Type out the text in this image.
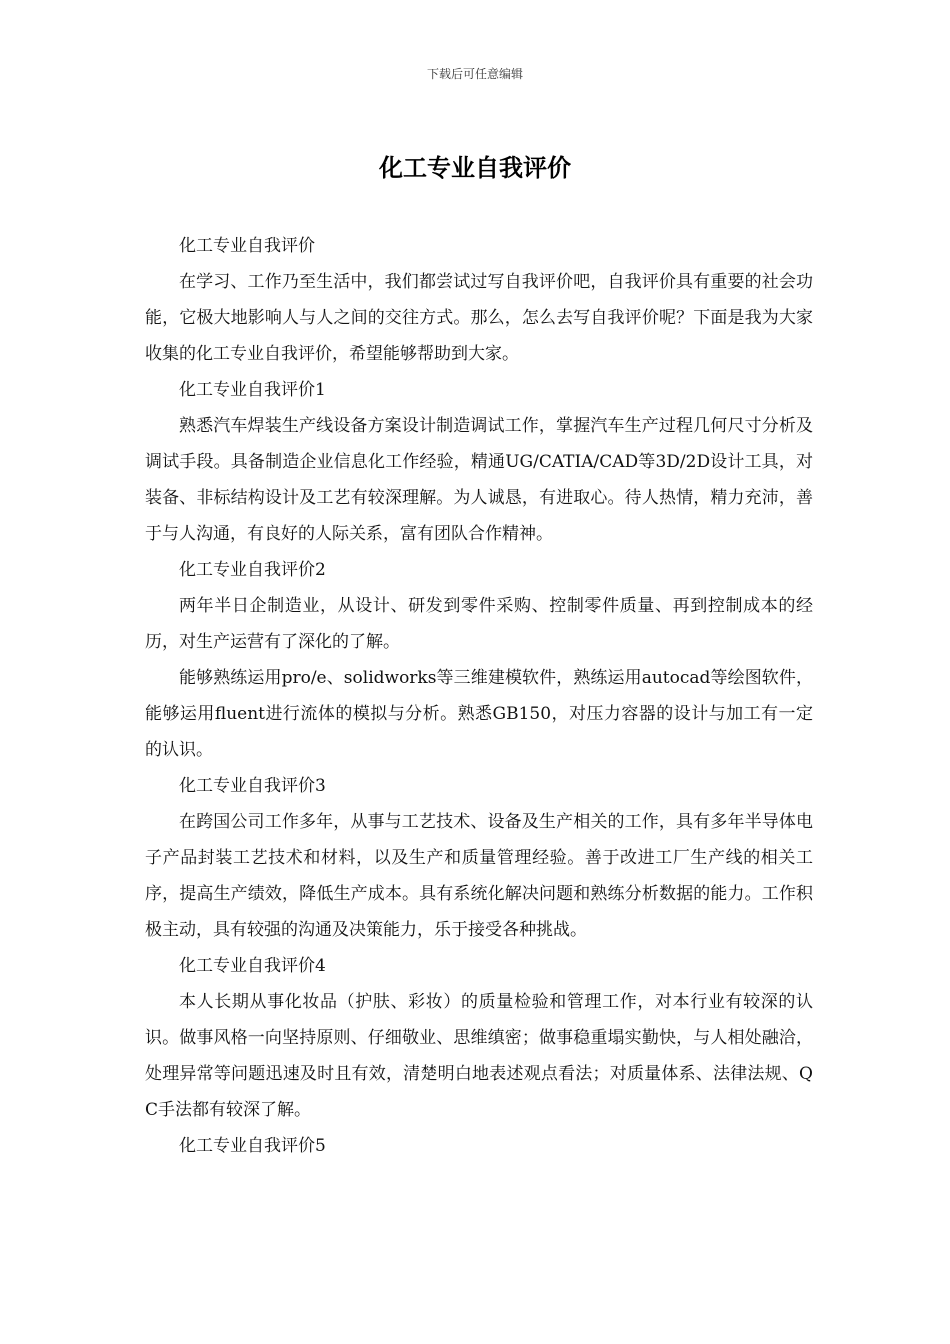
下载后可任意编辑
化工专业自我评价

化工专业自我评价

在学习、工作乃至生活中，我们都尝试过写自我评价吧，自我评价具有重要的社会功能，它极大地影响人与人之间的交往方式。那么，怎么去写自我评价呢？下面是我为大家收集的化工专业自我评价，希望能够帮助到大家。

化工专业自我评价1

熟悉汽车焊装生产线设备方案设计制造调试工作，掌握汽车生产过程几何尺寸分析及调试手段。具备制造企业信息化工作经验，精通UG/CATIA/CAD等3D/2D设计工具，对装备、非标结构设计及工艺有较深理解。为人诚恳，有进取心。待人热情，精力充沛，善于与人沟通，有良好的人际关系，富有团队合作精神。

化工专业自我评价2

两年半日企制造业，从设计、研发到零件采购、控制零件质量、再到控制成本的经历，对生产运营有了深化的了解。

能够熟练运用pro/e、solidworks等三维建模软件，熟练运用autocad等绘图软件，能够运用fluent进行流体的模拟与分析。熟悉GB150，对压力容器的设计与加工有一定的认识。

化工专业自我评价3

在跨国公司工作多年，从事与工艺技术、设备及生产相关的工作，具有多年半导体电子产品封装工艺技术和材料，以及生产和质量管理经验。善于改进工厂生产线的相关工序，提高生产绩效，降低生产成本。具有系统化解决问题和熟练分析数据的能力。工作积极主动，具有较强的沟通及决策能力，乐于接受各种挑战。

化工专业自我评价4

本人长期从事化妆品（护肤、彩妆）的质量检验和管理工作，对本行业有较深的认识。做事风格一向坚持原则、仔细敬业、思维缜密；做事稳重塌实勤快，与人相处融洽，处理异常等问题迅速及时且有效，清楚明白地表述观点看法；对质量体系、法律法规、QC手法都有较深了解。

化工专业自我评价5
